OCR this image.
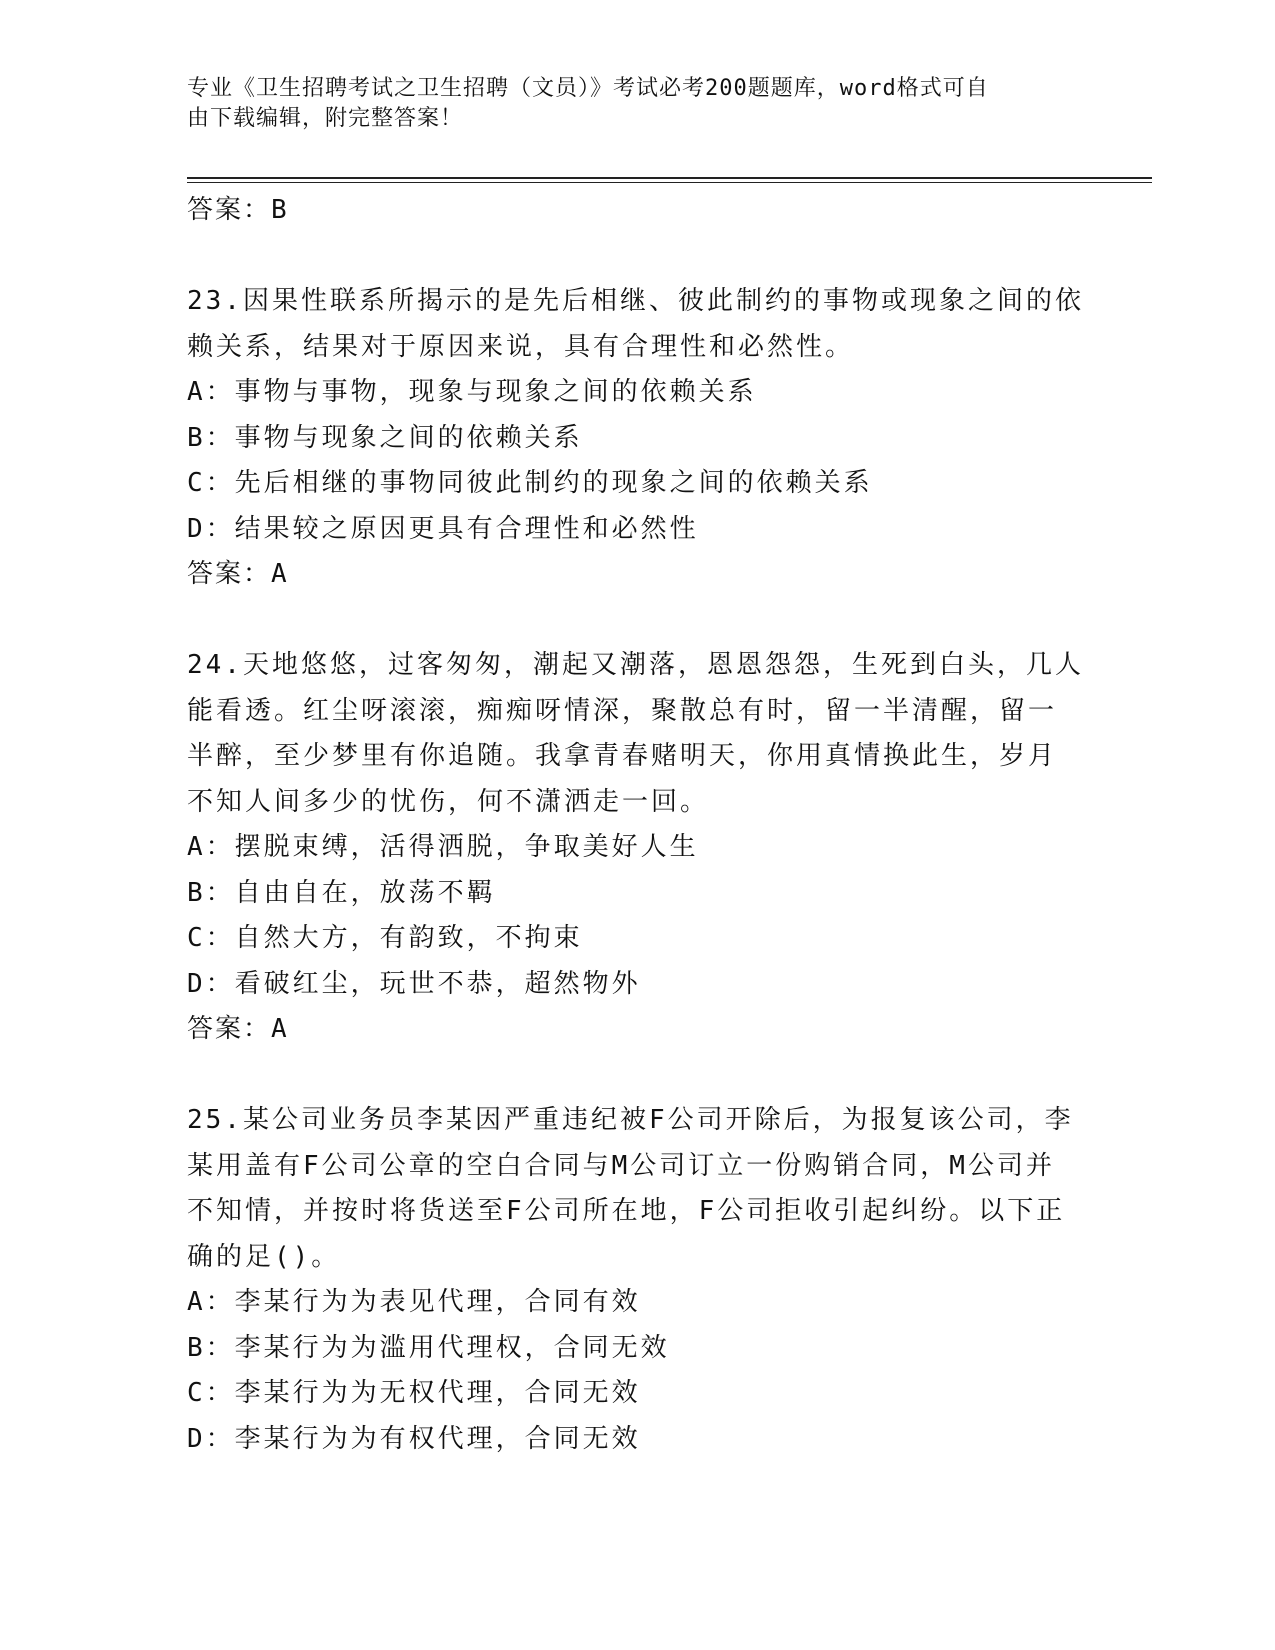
专业《卫生招聘考试之卫生招聘（文员）》考试必考200题题库，word格式可自
由下载编辑，附完整答案！

答案：B

23.因果性联系所揭示的是先后相继、彼此制约的事物或现象之间的依

赖关系，结果对于原因来说，具有合理性和必然性。

A：事物与事物，现象与现象之间的依赖关系

B：事物与现象之间的依赖关系

C：先后相继的事物同彼此制约的现象之间的依赖关系

D：结果较之原因更具有合理性和必然性

答案：A

24.天地悠悠，过客匆匆，潮起又潮落，恩恩怨怨，生死到白头，几人

能看透。红尘呀滚滚，痴痴呀情深，聚散总有时，留一半清醒，留一

半醉，至少梦里有你追随。我拿青春赌明天，你用真情换此生，岁月

不知人间多少的忧伤，何不潇洒走一回。

A：摆脱束缚，活得洒脱，争取美好人生

B：自由自在，放荡不羁

C：自然大方，有韵致，不拘束

D：看破红尘，玩世不恭，超然物外

答案：A

25.某公司业务员李某因严重违纪被F公司开除后，为报复该公司，李

某用盖有F公司公章的空白合同与M公司订立一份购销合同，M公司并

不知情，并按时将货送至F公司所在地，F公司拒收引起纠纷。以下正

确的足()。

A：李某行为为表见代理，合同有效

B：李某行为为滥用代理权，合同无效

C：李某行为为无权代理，合同无效

D：李某行为为有权代理，合同无效
